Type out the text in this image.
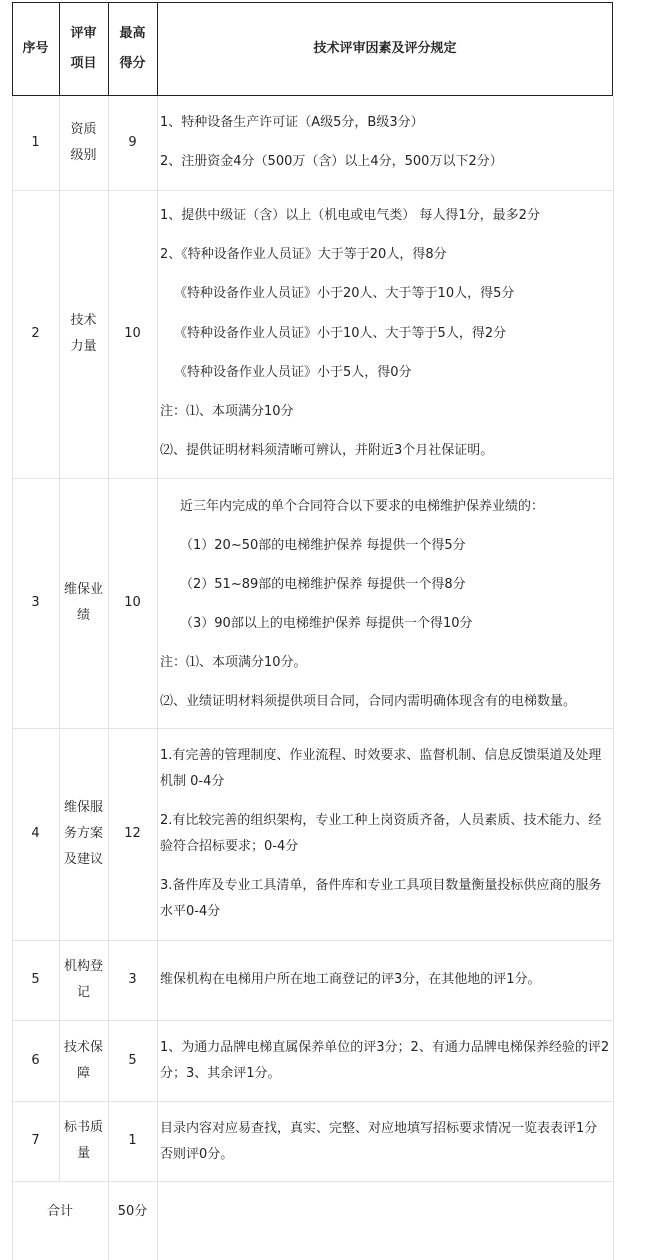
序号
评审
项目
最高
得分
技术评审因素及评分规定
1
资质
级别
9
1、特种设备生产许可证（A级5分，B级3分）
2、注册资金4分（500万（含）以上4分，500万以下2分）
2
技术
力量
10
1、提供中级证（含）以上（机电或电气类） 每人得1分，最多2分
2、《特种设备作业人员证》大于等于20人，得8分
《特种设备作业人员证》小于20人、大于等于10人，得5分
《特种设备作业人员证》小于10人、大于等于5人，得2分
《特种设备作业人员证》小于5人，得0分
注：⑴、本项满分10分
⑵、提供证明材料须清晰可辨认，并附近3个月社保证明。
3
维保业
绩
10
近三年内完成的单个合同符合以下要求的电梯维护保养业绩的：
（1）20~50部的电梯维护保养 每提供一个得5分
（2）51~89部的电梯维护保养 每提供一个得8分
（3）90部以上的电梯维护保养 每提供一个得10分
注：⑴、本项满分10分。
⑵、业绩证明材料须提供项目合同，合同内需明确体现含有的电梯数量。
4
维保服
务方案
及建议
12
1.有完善的管理制度、作业流程、时效要求、监督机制、信息反馈渠道及处理机制 0-4分
2.有比较完善的组织架构，专业工种上岗资质齐备，人员素质、技术能力、经验符合招标要求；0-4分
3.备件库及专业工具清单，备件库和专业工具项目数量衡量投标供应商的服务水平0-4分
5
机构登
记
3	维保机构在电梯用户所在地工商登记的评3分，在其他地的评1分。
6
技术保
障
5
1、为通力品牌电梯直属保养单位的评3分；2、有通力品牌电梯保养经验的评2分；3、其余评1分。
7
标书质
量
1
目录内容对应易查找，真实、完整、对应地填写招标要求情况一览表表评1分否则评0分。
合计	50分
